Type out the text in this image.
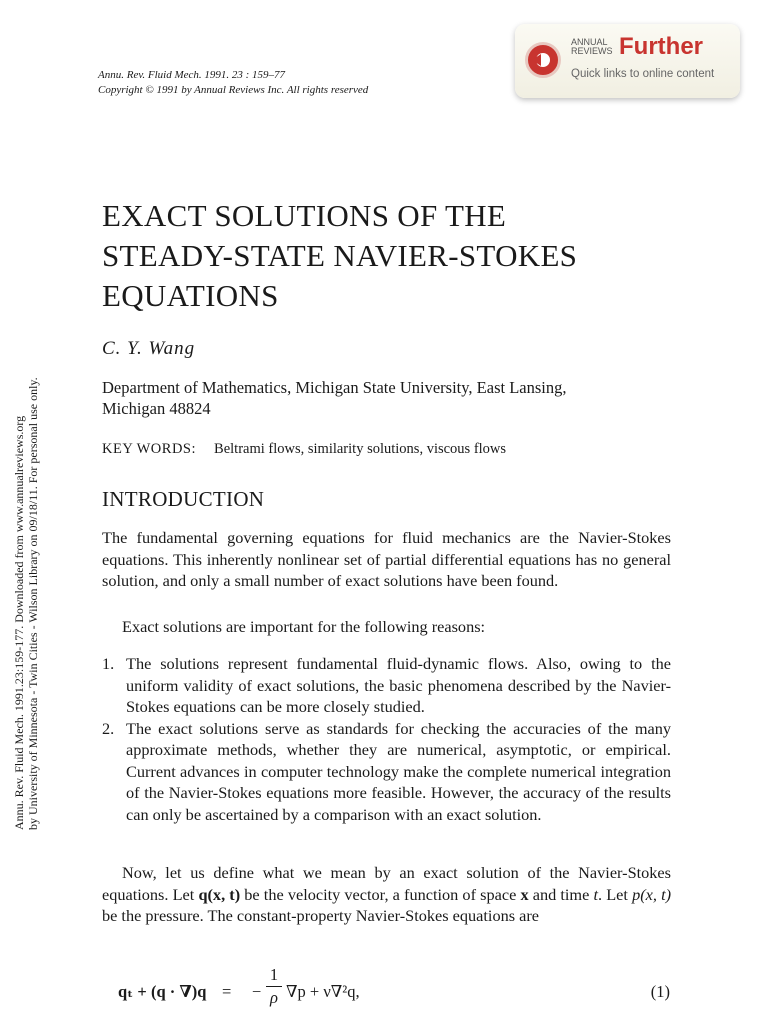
Annu. Rev. Fluid Mech. 1991. 23 : 159–77
Copyright © 1991 by Annual Reviews Inc. All rights reserved
ANNUAL
REVIEWS Further
Quick links to online content
Annu. Rev. Fluid Mech. 1991.23:159-177. Downloaded from www.annualreviews.org by University of Minnesota - Twin Cities - Wilson Library on 09/18/11. For personal use only.
EXACT SOLUTIONS OF THE
STEADY-STATE NAVIER-STOKES
EQUATIONS
C. Y. Wang
Department of Mathematics, Michigan State University, East Lansing,
Michigan 48824
KEY WORDS: Beltrami flows, similarity solutions, viscous flows
INTRODUCTION
The fundamental governing equations for fluid mechanics are the Navier-Stokes equations. This inherently nonlinear set of partial differential equations has no general solution, and only a small number of exact solutions have been found.
Exact solutions are important for the following reasons:
1. The solutions represent fundamental fluid-dynamic flows. Also, owing to the uniform validity of exact solutions, the basic phenomena described by the Navier-Stokes equations can be more closely studied.
2. The exact solutions serve as standards for checking the accuracies of the many approximate methods, whether they are numerical, asymptotic, or empirical. Current advances in computer technology make the complete numerical integration of the Navier-Stokes equations more feasible. However, the accuracy of the results can only be ascertained by a comparison with an exact solution.
Now, let us define what we mean by an exact solution of the Navier-Stokes equations. Let q(x, t) be the velocity vector, a function of space x and time t. Let p(x, t) be the pressure. The constant-property Navier-Stokes equations are
qₜ + (q · ∇)q = −
1
ρ ∇p + ν∇²q,	(1)
